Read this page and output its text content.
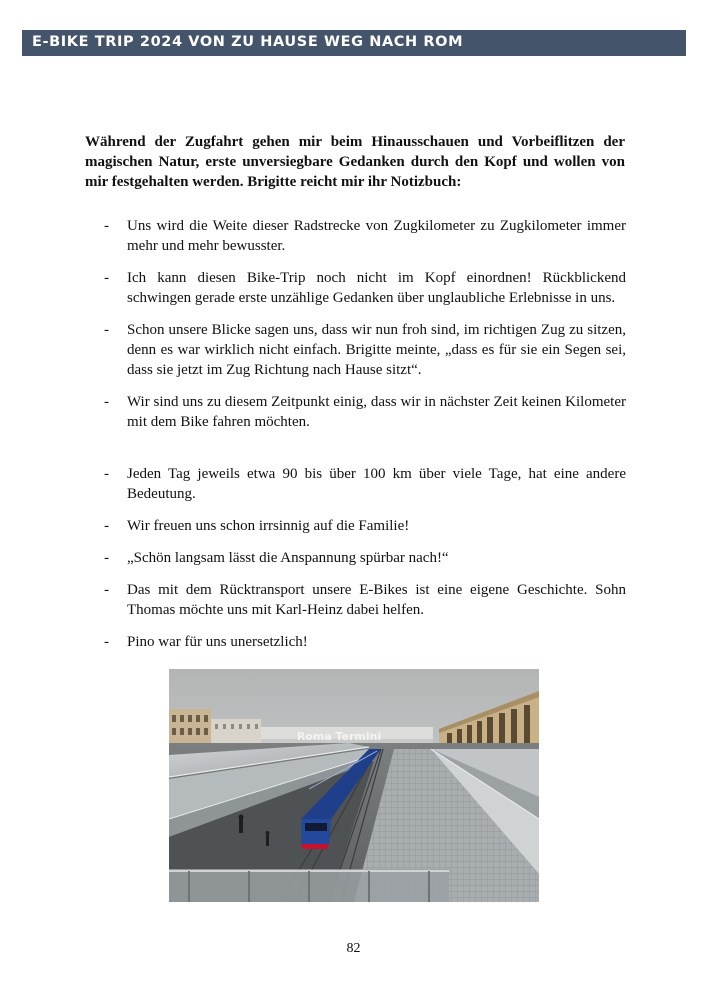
E-BIKE TRIP 2024 VON ZU HAUSE WEG NACH ROM

Während der Zugfahrt gehen mir beim Hinausschauen und Vorbeiflitzen der magischen Natur, erste unversiegbare Gedanken durch den Kopf und wollen von mir festgehalten werden. Brigitte reicht mir ihr Notizbuch:

- Uns wird die Weite dieser Radstrecke von Zugkilometer zu Zugkilometer immer mehr und mehr bewusster.
- Ich kann diesen Bike-Trip noch nicht im Kopf einordnen! Rückblickend schwingen gerade erste unzählige Gedanken über unglaubliche Erlebnisse in uns.
- Schon unsere Blicke sagen uns, dass wir nun froh sind, im richtigen Zug zu sitzen, denn es war wirklich nicht einfach. Brigitte meinte, „dass es für sie ein Segen sei, dass sie jetzt im Zug Richtung nach Hause sitzt“.
- Wir sind uns zu diesem Zeitpunkt einig, dass wir in nächster Zeit keinen Kilometer mit dem Bike fahren möchten.
- Jeden Tag jeweils etwa 90 bis über 100 km über viele Tage, hat eine andere Bedeutung.
- Wir freuen uns schon irrsinnig auf die Familie!
- „Schön langsam lässt die Anspannung spürbar nach!“
- Das mit dem Rücktransport unsere E-Bikes ist eine eigene Geschichte. Sohn Thomas möchte uns mit Karl-Heinz dabei helfen.
- Pino war für uns unersetzlich!
Roma Termini
82
